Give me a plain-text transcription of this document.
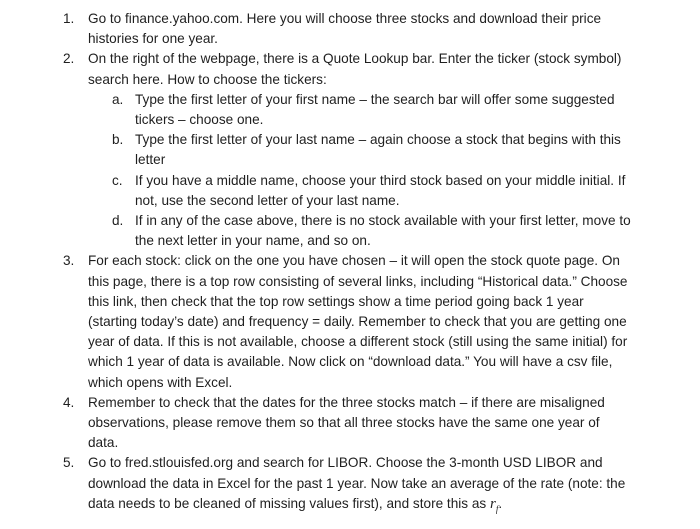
1. Go to finance.yahoo.com. Here you will choose three stocks and download their price histories for one year.
2. On the right of the webpage, there is a Quote Lookup bar. Enter the ticker (stock symbol) search here. How to choose the tickers:
a. Type the first letter of your first name – the search bar will offer some suggested tickers – choose one.
b. Type the first letter of your last name – again choose a stock that begins with this letter
c. If you have a middle name, choose your third stock based on your middle initial. If not, use the second letter of your last name.
d. If in any of the case above, there is no stock available with your first letter, move to the next letter in your name, and so on.
3. For each stock: click on the one you have chosen – it will open the stock quote page. On this page, there is a top row consisting of several links, including “Historical data.” Choose this link, then check that the top row settings show a time period going back 1 year (starting today’s date) and frequency = daily. Remember to check that you are getting one year of data. If this is not available, choose a different stock (still using the same initial) for which 1 year of data is available. Now click on “download data.” You will have a csv file, which opens with Excel.
4. Remember to check that the dates for the three stocks match – if there are misaligned observations, please remove them so that all three stocks have the same one year of data.
5. Go to fred.stlouisfed.org and search for LIBOR. Choose the 3-month USD LIBOR and download the data in Excel for the past 1 year. Now take an average of the rate (note: the data needs to be cleaned of missing values first), and store this as $r_f$.
